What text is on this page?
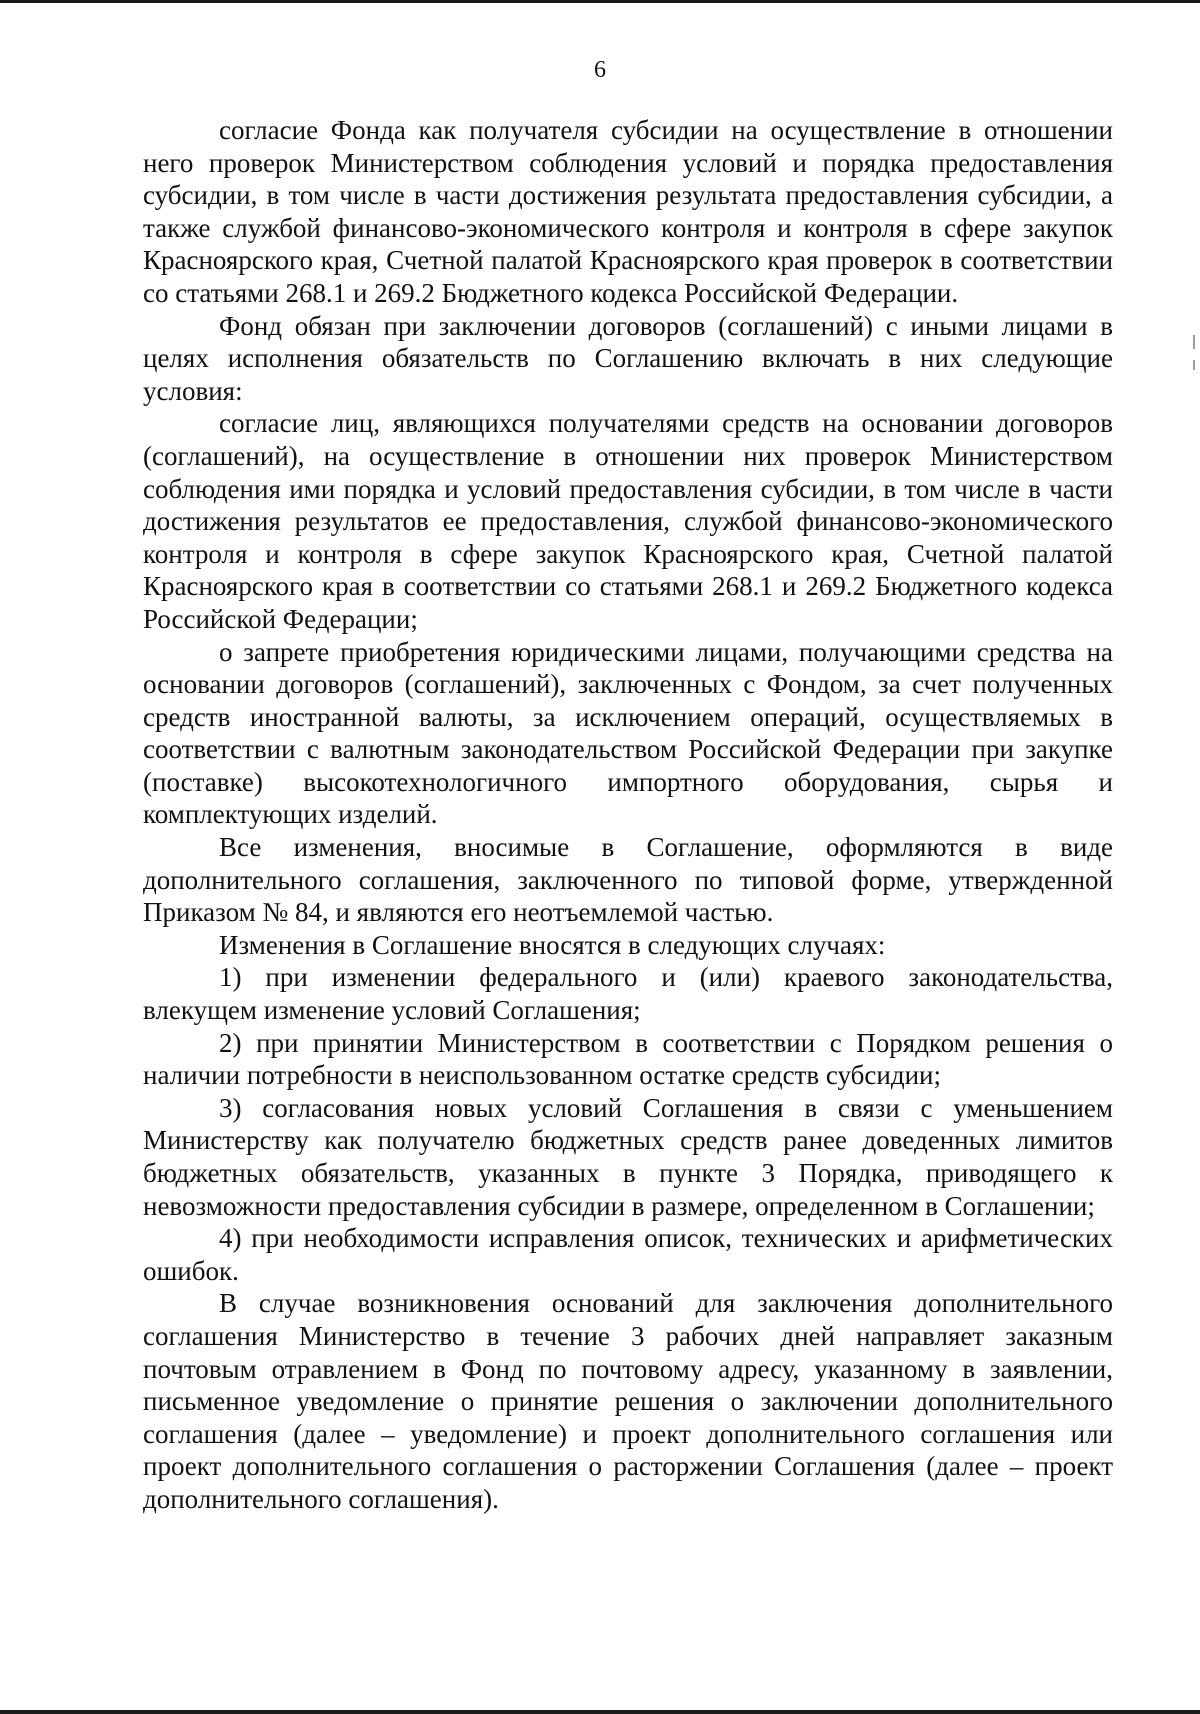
6

согласие Фонда как получателя субсидии на осуществление в отношении него проверок Министерством соблюдения условий и порядка предоставления субсидии, в том числе в части достижения результата предоставления субсидии, а также службой финансово-экономического контроля и контроля в сфере закупок Красноярского края, Счетной палатой Красноярского края проверок в соответствии со статьями 268.1 и 269.2 Бюджетного кодекса Российской Федерации.

Фонд обязан при заключении договоров (соглашений) с иными лицами в целях исполнения обязательств по Соглашению включать в них следующие условия:

согласие лиц, являющихся получателями средств на основании договоров (соглашений), на осуществление в отношении них проверок Министерством соблюдения ими порядка и условий предоставления субсидии, в том числе в части достижения результатов ее предоставления, службой финансово-экономического контроля и контроля в сфере закупок Красноярского края, Счетной палатой Красноярского края в соответствии со статьями 268.1 и 269.2 Бюджетного кодекса Российской Федерации;

о запрете приобретения юридическими лицами, получающими средства на основании договоров (соглашений), заключенных с Фондом, за счет полученных средств иностранной валюты, за исключением операций, осуществляемых в соответствии с валютным законодательством Российской Федерации при закупке (поставке) высокотехнологичного импортного оборудования, сырья и комплектующих изделий.

Все изменения, вносимые в Соглашение, оформляются в виде дополнительного соглашения, заключенного по типовой форме, утвержденной Приказом № 84, и являются его неотъемлемой частью.

Изменения в Соглашение вносятся в следующих случаях:

1) при изменении федерального и (или) краевого законодательства, влекущем изменение условий Соглашения;

2) при принятии Министерством в соответствии с Порядком решения о наличии потребности в неиспользованном остатке средств субсидии;

3) согласования новых условий Соглашения в связи с уменьшением Министерству как получателю бюджетных средств ранее доведенных лимитов бюджетных обязательств, указанных в пункте 3 Порядка, приводящего к невозможности предоставления субсидии в размере, определенном в Соглашении;

4) при необходимости исправления описок, технических и арифметических ошибок.

В случае возникновения оснований для заключения дополнительного соглашения Министерство в течение 3 рабочих дней направляет заказным почтовым отравлением в Фонд по почтовому адресу, указанному в заявлении, письменное уведомление о принятие решения о заключении дополнительного соглашения (далее – уведомление) и проект дополнительного соглашения или проект дополнительного соглашения о расторжении Соглашения (далее – проект дополнительного соглашения).
